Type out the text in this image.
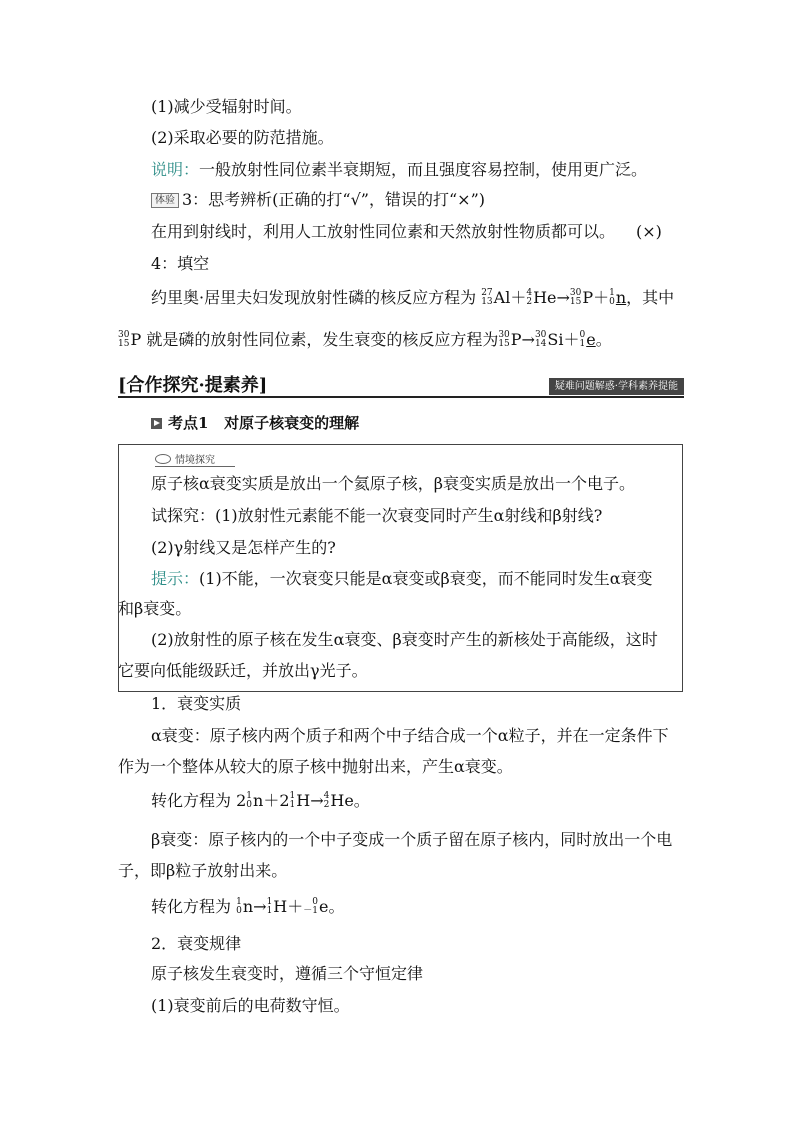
(1)减少受辐射时间。
(2)采取必要的防范措施。
说明：一般放射性同位素半衰期短，而且强度容易控制，使用更广泛。
体验 3：思考辨析(正确的打“√”，错误的打“×”)
在用到射线时，利用人工放射性同位素和天然放射性物质都可以。 (×)
4：填空
约里奥·居里夫妇发现放射性磷的核反应方程为 27
13 Al＋ 4
2 He→ 30
15 P＋ 1
0 n，其中
30
15 P 就是磷的放射性同位素，发生衰变的核反应方程为 30
15 P→ 30
14 Si＋ 0
1 e。
[合作探究·提素养]	疑难问题解惑·学科素养提能
考点1 对原子核衰变的理解
情境探究
原子核α衰变实质是放出一个氦原子核，β衰变实质是放出一个电子。
试探究：(1)放射性元素能不能一次衰变同时产生α射线和β射线?
(2)γ射线又是怎样产生的?
提示：(1)不能，一次衰变只能是α衰变或β衰变，而不能同时发生α衰变
和β衰变。
(2)放射性的原子核在发生α衰变、β衰变时产生的新核处于高能级，这时
它要向低能级跃迁，并放出γ光子。
1．衰变实质
α衰变：原子核内两个质子和两个中子结合成一个α粒子，并在一定条件下
作为一个整体从较大的原子核中抛射出来，产生α衰变。
转化方程为 2 1
0 n＋2 1
1 H→ 4
2 He。
β衰变：原子核内的一个中子变成一个质子留在原子核内，同时放出一个电
子，即β粒子放射出来。
转化方程为 1
0 n→ 1
1 H＋	0
－1 e。
2．衰变规律
原子核发生衰变时，遵循三个守恒定律
(1)衰变前后的电荷数守恒。
